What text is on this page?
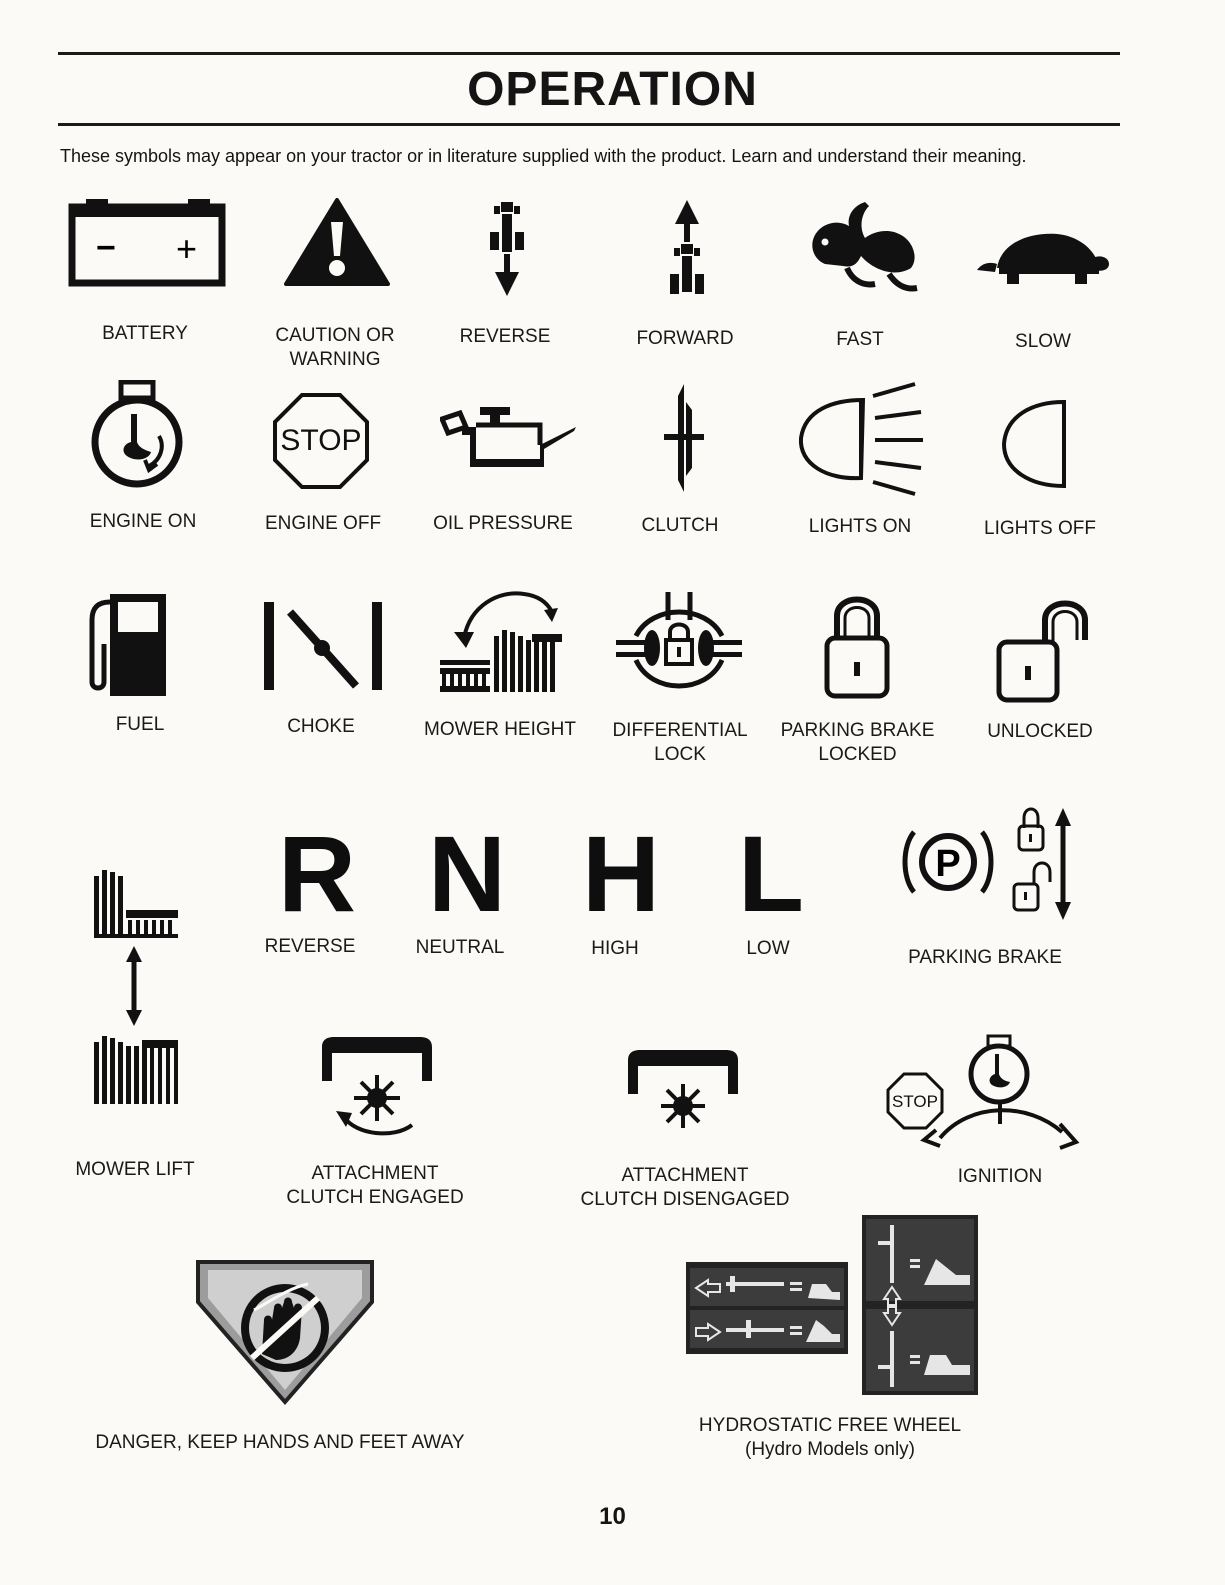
OPERATION
These symbols may appear on your tractor or in literature supplied with the product. Learn and understand their meaning.
− +
BATTERY	CAUTION OR
WARNING
REVERSE	FORWARD	FAST	SLOW
ENGINE ON
STOP
ENGINE OFF	OIL PRESSURE	CLUTCH	LIGHTS ON	LIGHTS OFF
FUEL	CHOKE	MOWER HEIGHT	DIFFERENTIAL
LOCK
PARKING BRAKE
LOCKED
UNLOCKED
R N H L
REVERSE	NEUTRAL	HIGH	LOW
P
PARKING BRAKE
MOWER LIFT	ATTACHMENT
CLUTCH ENGAGED
ATTACHMENT
CLUTCH DISENGAGED
STOP
IGNITION
DANGER, KEEP HANDS AND FEET AWAY
HYDROSTATIC FREE WHEEL
(Hydro Models only)
10
